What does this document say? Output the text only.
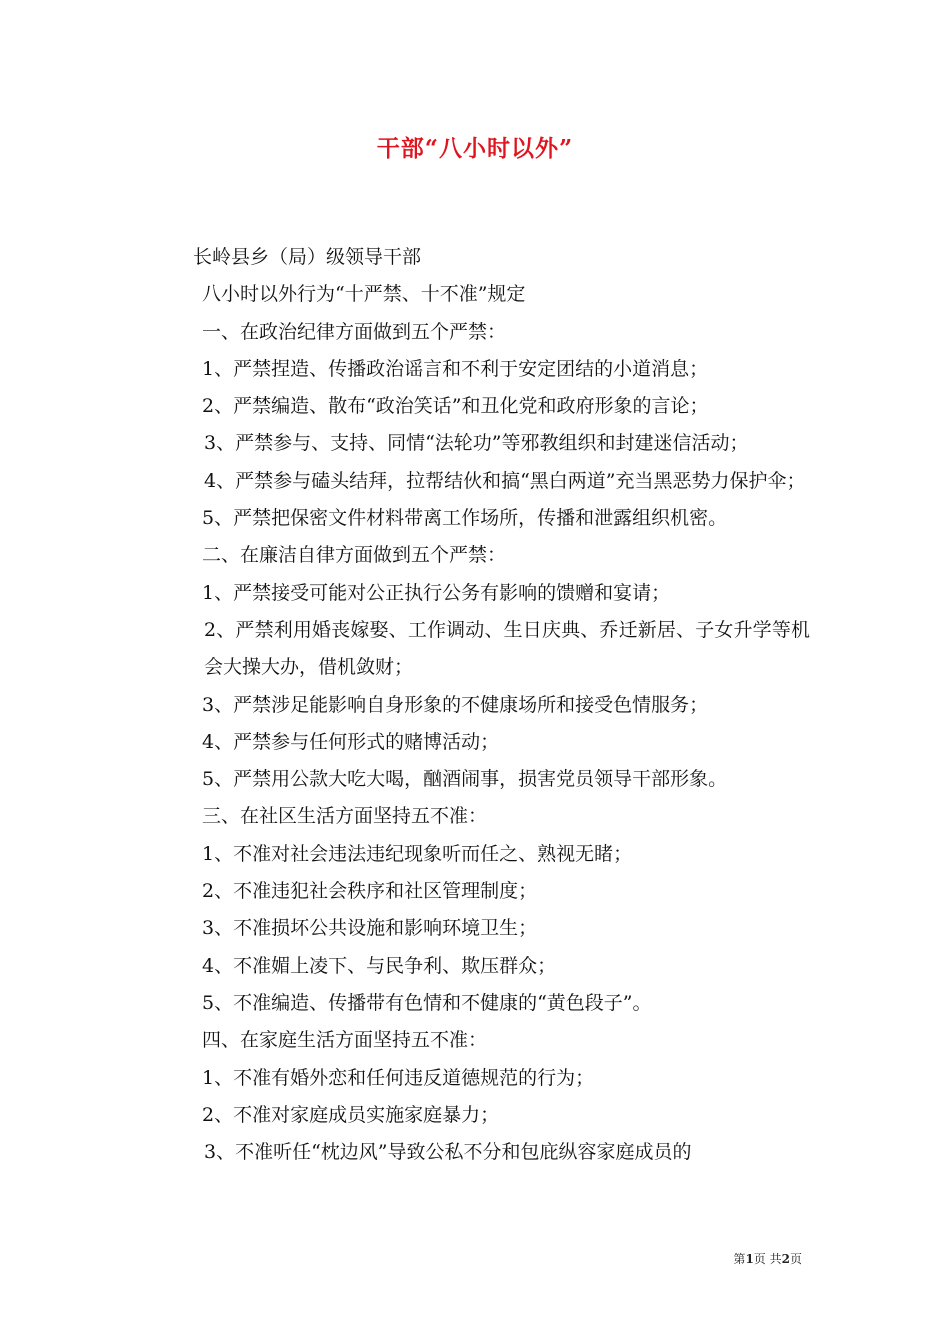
干部“八小时以外”

长岭县乡（局）级领导干部

八小时以外行为“十严禁、十不准”规定

一、在政治纪律方面做到五个严禁：

1、严禁捏造、传播政治谣言和不利于安定团结的小道消息；

2、严禁编造、散布“政治笑话”和丑化党和政府形象的言论；

3、严禁参与、支持、同情“法轮功”等邪教组织和封建迷信活动；

4、严禁参与磕头结拜，拉帮结伙和搞“黑白两道”充当黑恶势力保护伞；

5、严禁把保密文件材料带离工作场所，传播和泄露组织机密。

二、在廉洁自律方面做到五个严禁：

1、严禁接受可能对公正执行公务有影响的馈赠和宴请；

2、严禁利用婚丧嫁娶、工作调动、生日庆典、乔迁新居、子女升学等机会大操大办，借机敛财；

3、严禁涉足能影响自身形象的不健康场所和接受色情服务；

4、严禁参与任何形式的赌博活动；

5、严禁用公款大吃大喝，酗酒闹事，损害党员领导干部形象。

三、在社区生活方面坚持五不准：

1、不准对社会违法违纪现象听而任之、熟视无睹；

2、不准违犯社会秩序和社区管理制度；

3、不准损坏公共设施和影响环境卫生；

4、不准媚上凌下、与民争利、欺压群众；

5、不准编造、传播带有色情和不健康的“黄色段子”。

四、在家庭生活方面坚持五不准：

1、不准有婚外恋和任何违反道德规范的行为；

2、不准对家庭成员实施家庭暴力；

3、不准听任“枕边风”导致公私不分和包庇纵容家庭成员的

第1页 共2页
